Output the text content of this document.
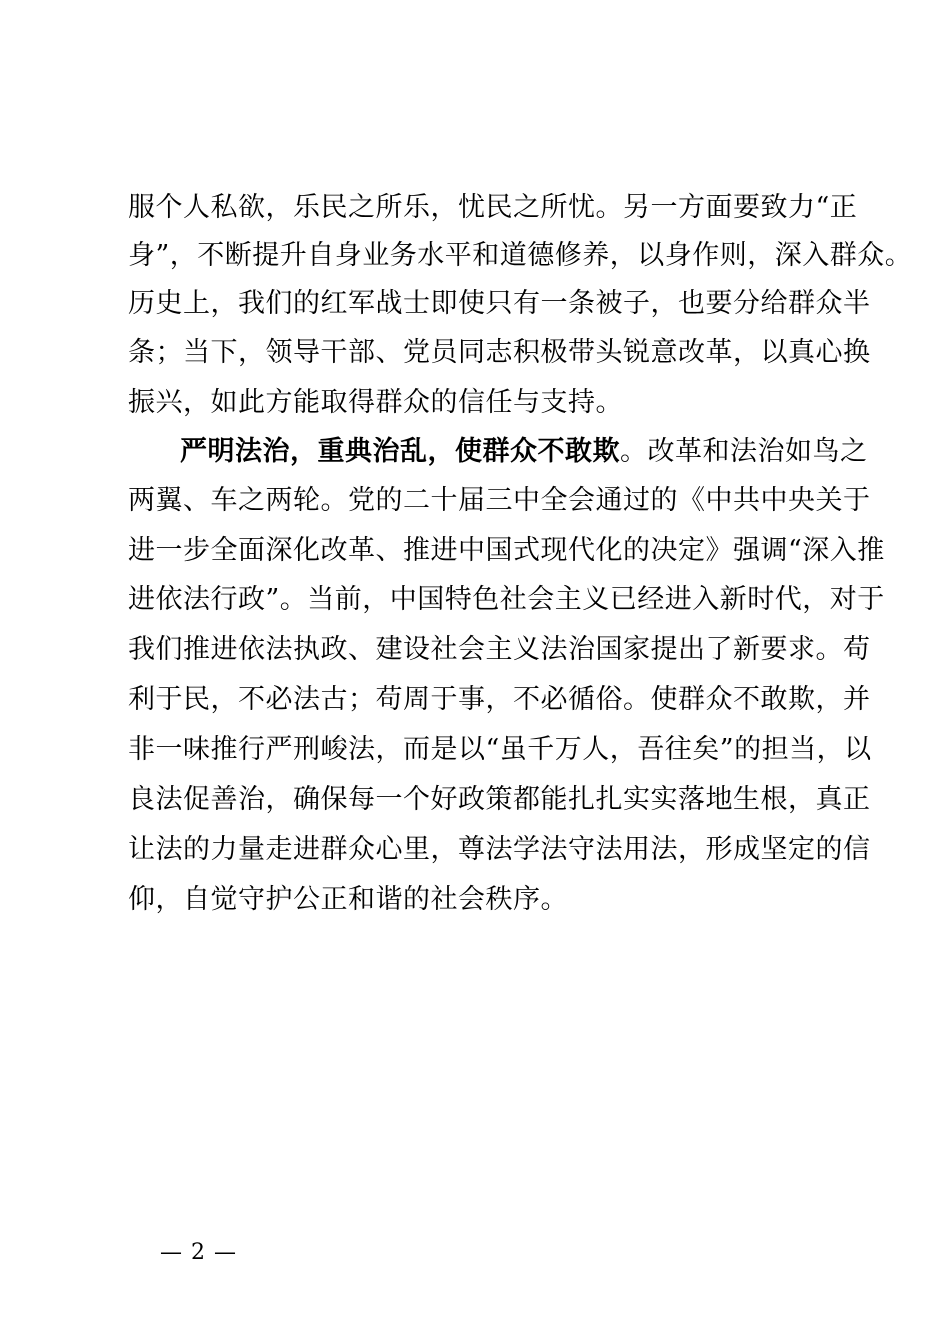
服个人私欲，乐民之所乐，忧民之所忧。另一方面要致力“正
身”，不断提升自身业务水平和道德修养，以身作则，深入群众。
历史上，我们的红军战士即使只有一条被子，也要分给群众半
条；当下，领导干部、党员同志积极带头锐意改革，以真心换
振兴，如此方能取得群众的信任与支持。
严明法治，重典治乱，使群众不敢欺。改革和法治如鸟之
两翼、车之两轮。党的二十届三中全会通过的《中共中央关于
进一步全面深化改革、推进中国式现代化的决定》强调“深入推
进依法行政”。当前，中国特色社会主义已经进入新时代，对于
我们推进依法执政、建设社会主义法治国家提出了新要求。苟
利于民，不必法古；苟周于事，不必循俗。使群众不敢欺，并
非一味推行严刑峻法，而是以“虽千万人，吾往矣”的担当，以
良法促善治，确保每一个好政策都能扎扎实实落地生根，真正
让法的力量走进群众心里，尊法学法守法用法，形成坚定的信
仰，自觉守护公正和谐的社会秩序。
— 2 —
